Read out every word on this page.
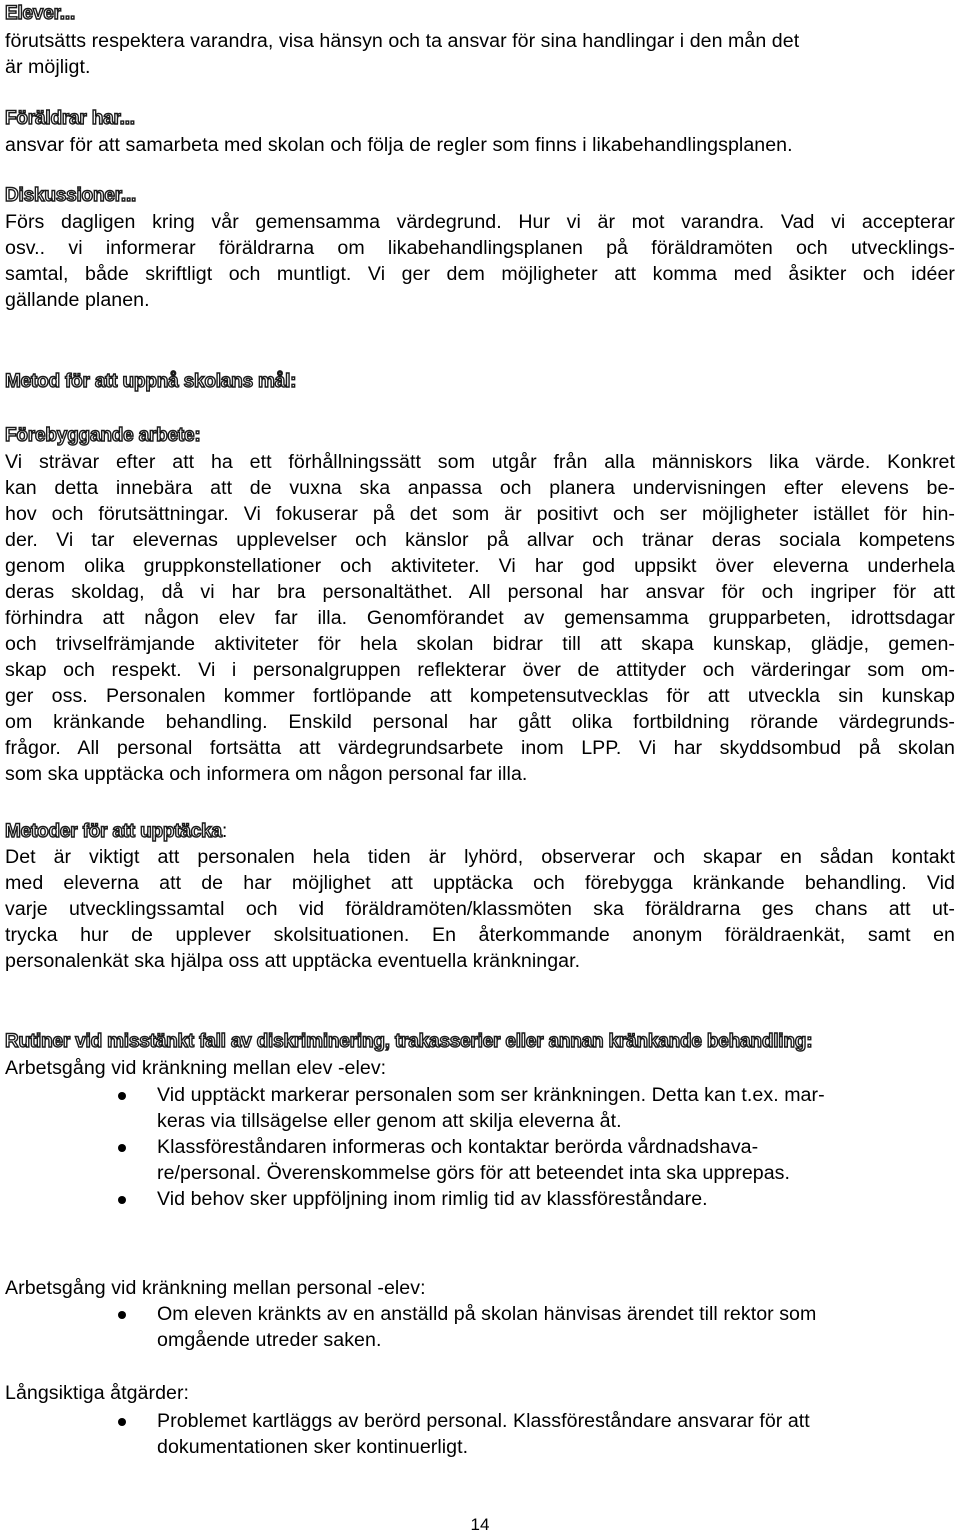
Elever...
förutsätts respektera varandra, visa hänsyn och ta ansvar för sina handlingar i den mån det
är möjligt.
Föräldrar har...
ansvar för att samarbeta med skolan och följa de regler som finns i likabehandlingsplanen.
Diskussioner...
Förs dagligen kring vår gemensamma värdegrund. Hur vi är mot varandra. Vad vi accepterar
osv.. vi informerar föräldrarna om likabehandlingsplanen på föräldramöten och utvecklings-
samtal, både skriftligt och muntligt. Vi ger dem möjligheter att komma med åsikter och idéer
gällande planen.
Metod för att uppnå skolans mål:
Förebyggande arbete:
Vi strävar efter att ha ett förhållningssätt som utgår från alla människors lika värde. Konkret
kan detta innebära att de vuxna ska anpassa och planera undervisningen efter elevens be-
hov och förutsättningar. Vi fokuserar på det som är positivt och ser möjligheter istället för hin-
der. Vi tar elevernas upplevelser och känslor på allvar och tränar deras sociala kompetens
genom olika gruppkonstellationer och aktiviteter. Vi har god uppsikt över eleverna underhela
deras skoldag, då vi har bra personaltäthet. All personal har ansvar för och ingriper för att
förhindra att någon elev far illa. Genomförandet av gemensamma grupparbeten, idrottsdagar
och trivselfrämjande aktiviteter för hela skolan bidrar till att skapa kunskap, glädje, gemen-
skap och respekt. Vi i personalgruppen reflekterar över de attityder och värderingar som om-
ger oss. Personalen kommer fortlöpande att kompetensutvecklas för att utveckla sin kunskap
om kränkande behandling. Enskild personal har gått olika fortbildning rörande värdegrunds-
frågor. All personal fortsätta att värdegrundsarbete inom LPP. Vi har skyddsombud på skolan
som ska upptäcka och informera om någon personal far illa.
Metoder för att upptäcka:
Det är viktigt att personalen hela tiden är lyhörd, observerar och skapar en sådan kontakt
med eleverna att de har möjlighet att upptäcka och förebygga kränkande behandling. Vid
varje utvecklingssamtal och vid föräldramöten/klassmöten ska föräldrarna ges chans att ut-
trycka hur de upplever skolsituationen. En återkommande anonym föräldraenkät, samt en
personalenkät ska hjälpa oss att upptäcka eventuella kränkningar.
Rutiner vid misstänkt fall av diskriminering, trakasserier eller annan kränkande behandling:
Arbetsgång vid kränkning mellan elev -elev:
Vid upptäckt markerar personalen som ser kränkningen. Detta kan t.ex. mar-
keras via tillsägelse eller genom att skilja eleverna åt.
Klassföreståndaren informeras och kontaktar berörda vårdnadshava-
re/personal. Överenskommelse görs för att beteendet inta ska upprepas.
Vid behov sker uppföljning inom rimlig tid av klassföreståndare.
Arbetsgång vid kränkning mellan personal -elev:
Om eleven kränkts av en anställd på skolan hänvisas ärendet till rektor som
omgående utreder saken.
Långsiktiga åtgärder:
Problemet kartläggs av berörd personal. Klassföreståndare ansvarar för att
dokumentationen sker kontinuerligt.
14
